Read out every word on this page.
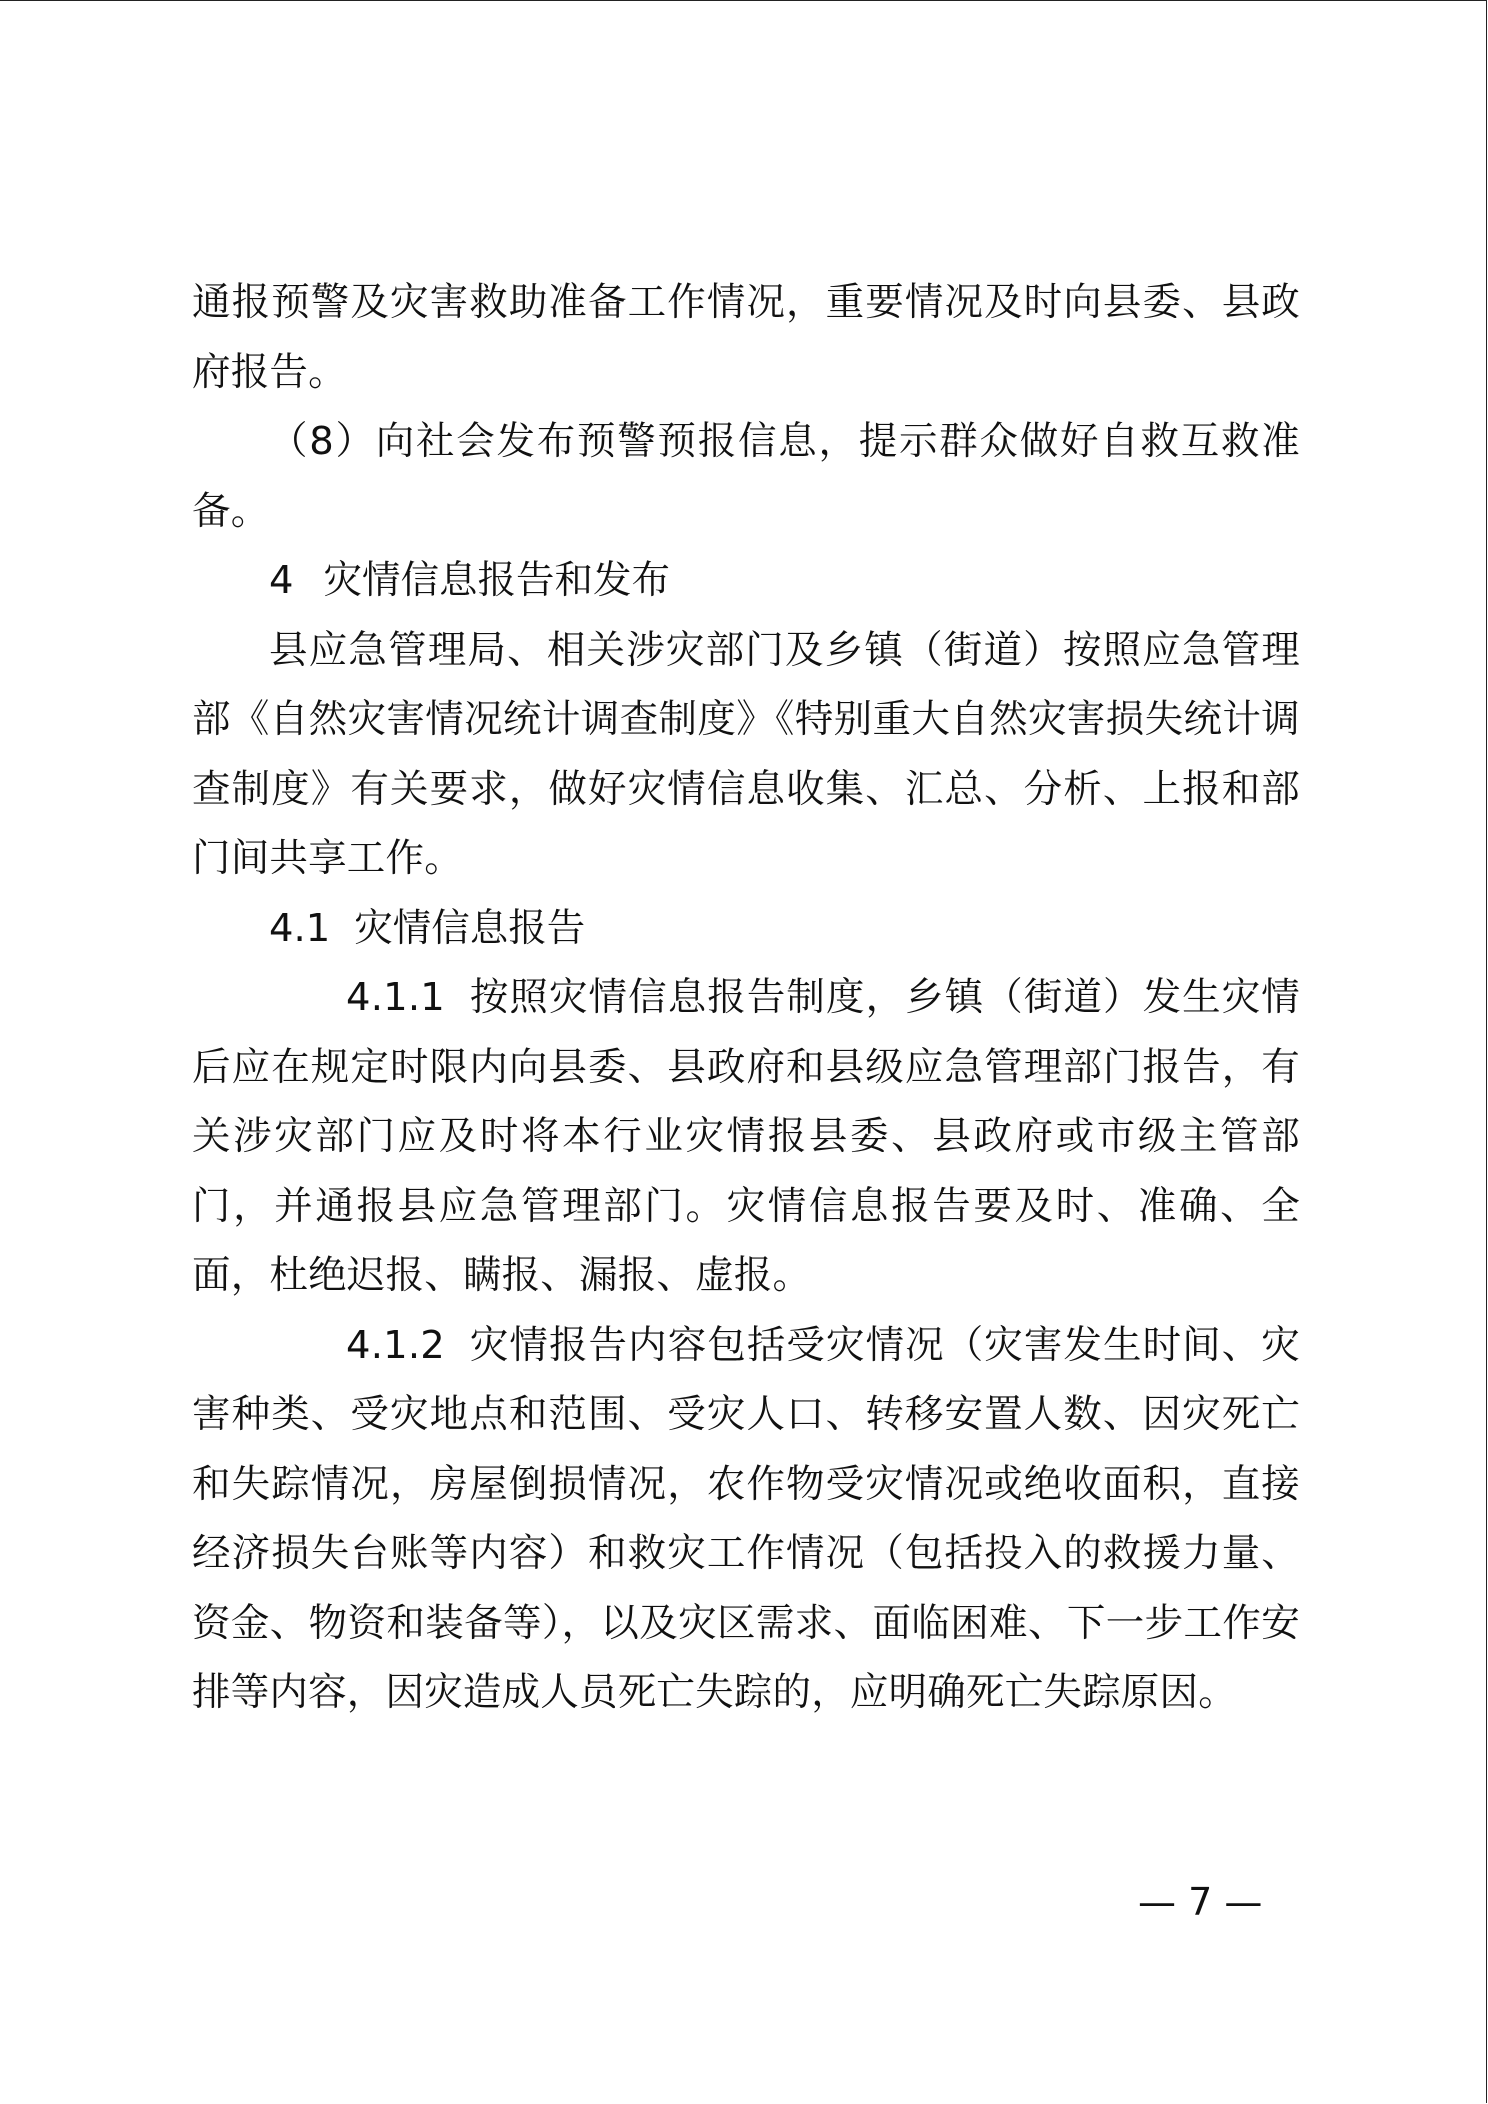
通报预警及灾害救助准备工作情况，重要情况及时向县委、县政府报告。

（8）向社会发布预警预报信息，提示群众做好自救互救准备。

4 灾情信息报告和发布

县应急管理局、相关涉灾部门及乡镇（街道）按照应急管理部《自然灾害情况统计调查制度》《特别重大自然灾害损失统计调查制度》有关要求，做好灾情信息收集、汇总、分析、上报和部门间共享工作。

4.1 灾情信息报告

4.1.1 按照灾情信息报告制度，乡镇（街道）发生灾情后应在规定时限内向县委、县政府和县级应急管理部门报告，有关涉灾部门应及时将本行业灾情报县委、县政府或市级主管部门，并通报县应急管理部门。灾情信息报告要及时、准确、全面，杜绝迟报、瞒报、漏报、虚报。

4.1.2 灾情报告内容包括受灾情况（灾害发生时间、灾害种类、受灾地点和范围、受灾人口、转移安置人数、因灾死亡和失踪情况，房屋倒损情况，农作物受灾情况或绝收面积，直接经济损失台账等内容）和救灾工作情况（包括投入的救援力量、资金、物资和装备等），以及灾区需求、面临困难、下一步工作安排等内容，因灾造成人员死亡失踪的，应明确死亡失踪原因。

— 7 —
